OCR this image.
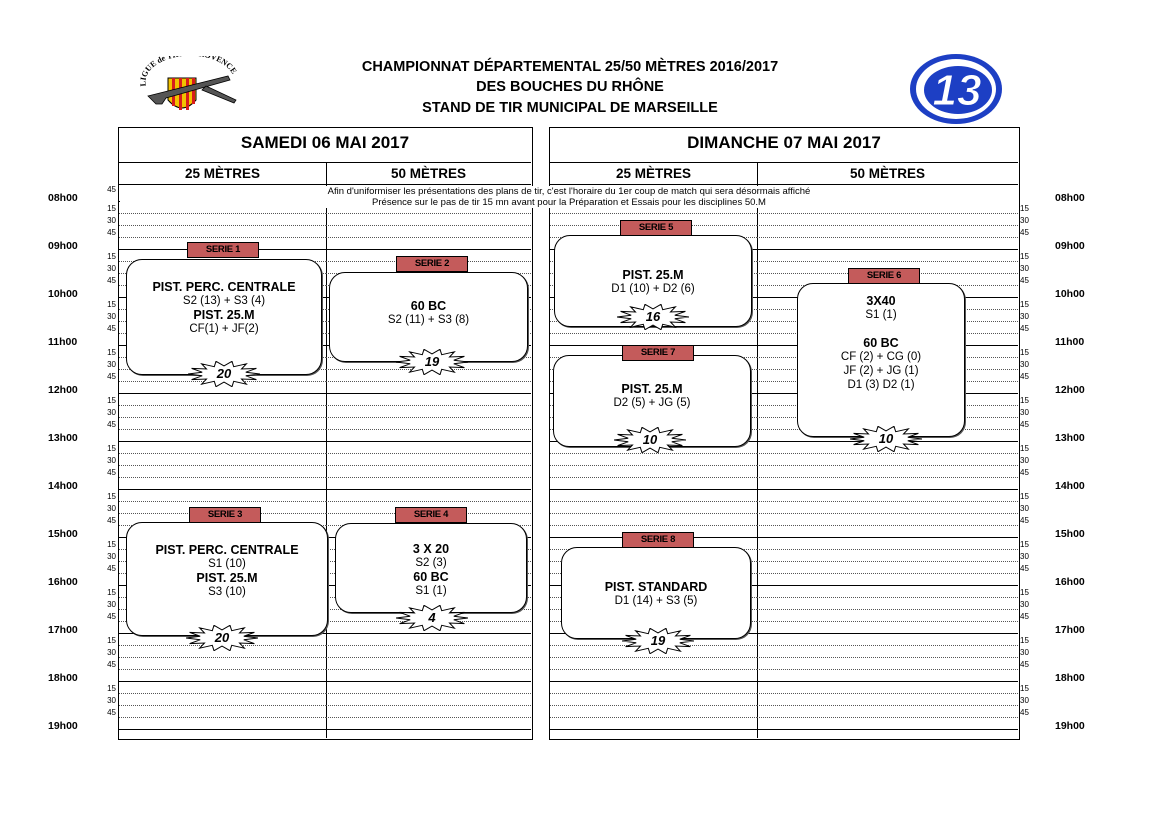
CHAMPIONNAT DÉPARTEMENTAL 25/50 MÈTRES 2016/2017
DES BOUCHES DU RHÔNE
STAND DE TIR MUNICIPAL DE MARSEILLE
LIGUE de T VENCE	13
SAMEDI 06 MAI 2017	DIMANCHE 07 MAI 2017
25 MÈTRES	50 MÈTRES	25 MÈTRES	50 MÈTRES
45
08h00	08h00
15	15
30	30
45	45
09h00	09h00
15	15
30	30
45	45
10h00	10h00
15	15
30	30
45	45
11h00	11h00
15	15
30	30
45	45
12h00	12h00
15	15
30	30
45	45
13h00	13h00
15	15
30	30
45	45
14h00	14h00
15	15
30	30
45	45
15h00	15h00
15	15
30	30
45	45
16h00	16h00
15	15
30	30
45	45
17h00	17h00
15	15
30	30
45	45
18h00	18h00
15	15
30	30
45	45
19h00	19h00
Afin d'uniformiser les présentations des plans de tir, c'est l'horaire du 1er coup de match qui sera désormais affiché
Présence sur le pas de tir 15 mn avant pour la Préparation et Essais pour les disciplines 50.M
PIST. PERC. CENTRALE
S2 (13) + S3 (4)
PIST. 25.M
CF(1) + JF(2)
SERIE 1
20
60 BC
S2 (11) + S3 (8)
SERIE 2
19
PIST. PERC. CENTRALE
S1 (10)
PIST. 25.M
S3 (10)
SERIE 3
20
3 X 20
S2 (3)
60 BC
S1 (1)
SERIE 4
4
PIST. 25.M
D1 (10) + D2 (6)
SERIE 5
16
3X40
S1 (1)

60 BC
CF (2) + CG (0)
JF (2) + JG (1)
D1 (3) D2 (1)
SERIE 6
10
PIST. 25.M
D2 (5) + JG (5)
SERIE 7
10
PIST. STANDARD
D1 (14) + S3 (5)
SERIE 8
19
